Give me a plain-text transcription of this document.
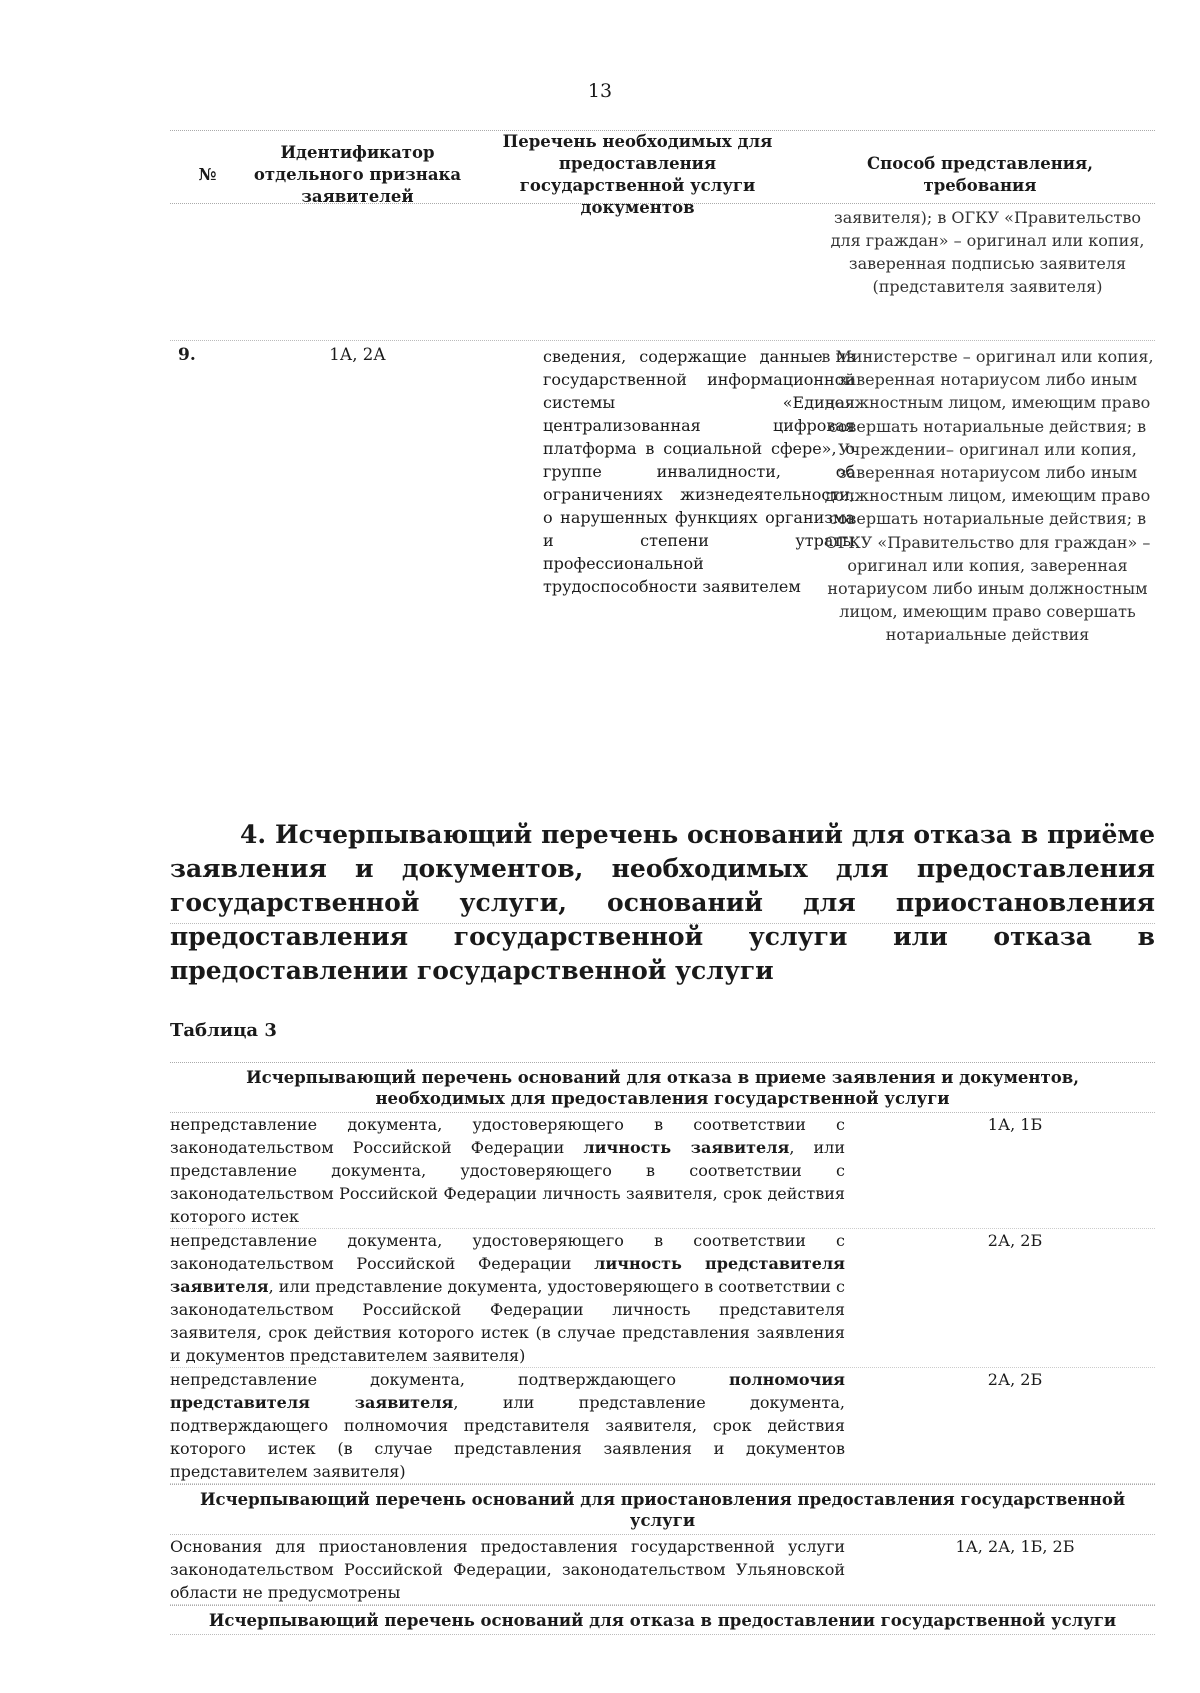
13
№
Идентификатор отдельного признака заявителей
Перечень необходимых для предоставления государственной услуги документов
Способ представления, требования
заявителя); в ОГКУ «Правительство для граждан» – оригинал или копия, заверенная подписью заявителя (представителя заявителя)
9.	1А, 2А	сведения, содержащие данные из государственной информационной системы «Единая централизованная цифровая платформа в социальной сфере», о группе инвалидности, об ограничениях жизнедеятельности, о нарушенных функциях организма и степени утраты профессиональной трудоспособности заявителем
в Министерстве – оригинал или копия, заверенная нотариусом либо иным должностным лицом, имеющим право совершать нотариальные действия; в Учреждении– оригинал или копия, заверенная нотариусом либо иным должностным лицом, имеющим право совершать нотариальные действия; в ОГКУ «Правительство для граждан» – оригинал или копия, заверенная нотариусом либо иным должностным лицом, имеющим право совершать нотариальные действия
4. Исчерпывающий перечень оснований для отказа в приёме заявления и документов, необходимых для предоставления государственной услуги, оснований для приостановления предоставления государственной услуги или отказа в предоставлении государственной услуги
Таблица 3
Исчерпывающий перечень оснований для отказа в приеме заявления и документов, необходимых для предоставления государственной услуги
непредставление документа, удостоверяющего в соответствии с законодательством Российской Федерации личность заявителя, или представление документа, удостоверяющего в соответствии с законодательством Российской Федерации личность заявителя, срок действия которого истек
1А, 1Б
непредставление документа, удостоверяющего в соответствии с законодательством Российской Федерации личность представителя заявителя, или представление документа, удостоверяющего в соответствии с законодательством Российской Федерации личность представителя заявителя, срок действия которого истек (в случае представления заявления и документов представителем заявителя)
2А, 2Б
непредставление документа, подтверждающего полномочия представителя заявителя, или представление документа, подтверждающего полномочия представителя заявителя, срок действия которого истек (в случае представления заявления и документов представителем заявителя)
2А, 2Б
Исчерпывающий перечень оснований для приостановления предоставления государственной услуги
Основания для приостановления предоставления государственной услуги законодательством Российской Федерации, законодательством Ульяновской области не предусмотрены
1А, 2А, 1Б, 2Б
Исчерпывающий перечень оснований для отказа в предоставлении государственной услуги
